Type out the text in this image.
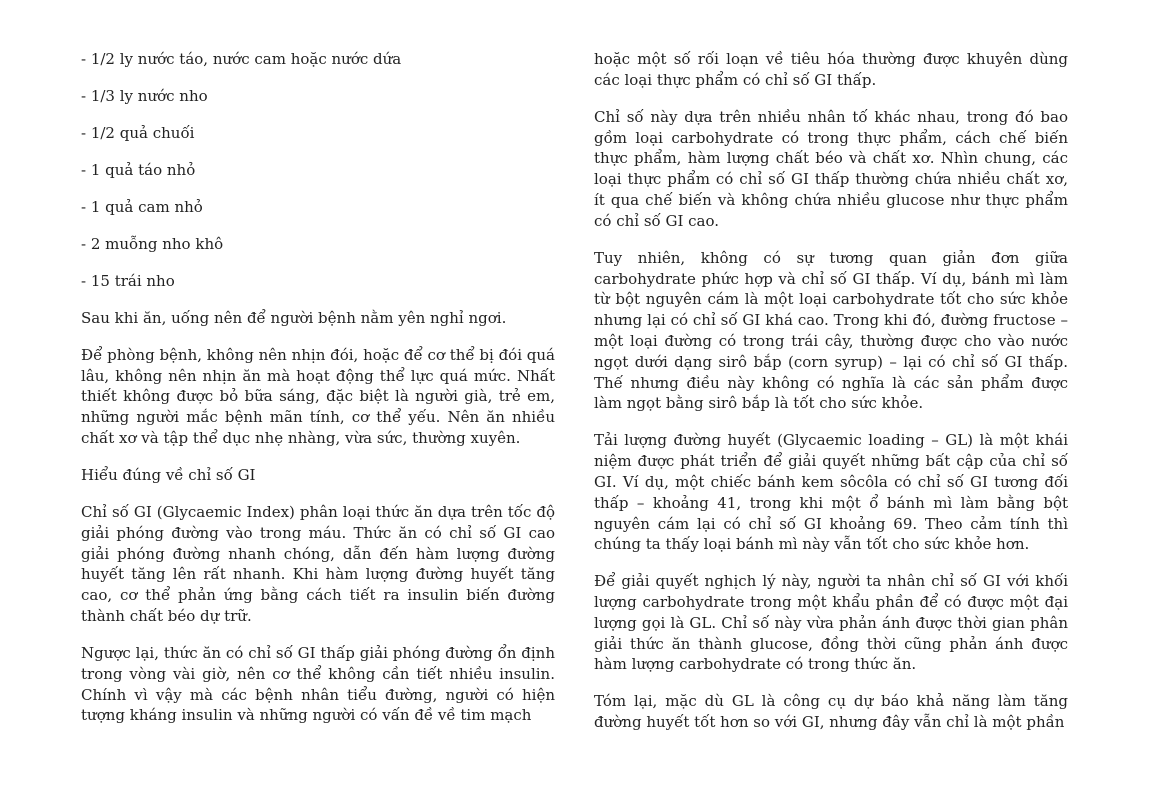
- 1/2 ly nước táo, nước cam hoặc nước dứa

- 1/3 ly nước nho

- 1/2 quả chuối

- 1 quả táo nhỏ

- 1 quả cam nhỏ

- 2 muỗng nho khô

- 15 trái nho

Sau khi ăn, uống nên để người bệnh nằm yên nghỉ ngơi.

Để phòng bệnh, không nên nhịn đói, hoặc để cơ thể bị đói quá lâu, không nên nhịn ăn mà hoạt động thể lực quá mức. Nhất thiết không được bỏ bữa sáng, đặc biệt là người già, trẻ em, những người mắc bệnh mãn tính, cơ thể yếu. Nên ăn nhiều chất xơ và tập thể dục nhẹ nhàng, vừa sức, thường xuyên.

Hiểu đúng về chỉ số GI

Chỉ số GI (Glycaemic Index) phân loại thức ăn dựa trên tốc độ giải phóng đường vào trong máu. Thức ăn có chỉ số GI cao giải phóng đường nhanh chóng, dẫn đến hàm lượng đường huyết tăng lên rất nhanh. Khi hàm lượng đường huyết tăng cao, cơ thể phản ứng bằng cách tiết ra insulin biến đường thành chất béo dự trữ.

Ngược lại, thức ăn có chỉ số GI thấp giải phóng đường ổn định trong vòng vài giờ, nên cơ thể không cần tiết nhiều insulin. Chính vì vậy mà các bệnh nhân tiểu đường, người có hiện tượng kháng insulin và những người có vấn đề về tim mạch

hoặc một số rối loạn về tiêu hóa thường được khuyên dùng các loại thực phẩm có chỉ số GI thấp.

Chỉ số này dựa trên nhiều nhân tố khác nhau, trong đó bao gồm loại carbohydrate có trong thực phẩm, cách chế biến thực phẩm, hàm lượng chất béo và chất xơ. Nhìn chung, các loại thực phẩm có chỉ số GI thấp thường chứa nhiều chất xơ, ít qua chế biến và không chứa nhiều glucose như thực phẩm có chỉ số GI cao.

Tuy nhiên, không có sự tương quan giản đơn giữa carbohydrate phức hợp và chỉ số GI thấp. Ví dụ, bánh mì làm từ bột nguyên cám là một loại carbohydrate tốt cho sức khỏe nhưng lại có chỉ số GI khá cao. Trong khi đó, đường fructose – một loại đường có trong trái cây, thường được cho vào nước ngọt dưới dạng sirô bắp (corn syrup) – lại có chỉ số GI thấp. Thế nhưng điều này không có nghĩa là các sản phẩm được làm ngọt bằng sirô bắp là tốt cho sức khỏe.

Tải lượng đường huyết (Glycaemic loading – GL) là một khái niệm được phát triển để giải quyết những bất cập của chỉ số GI. Ví dụ, một chiếc bánh kem sôcôla có chỉ số GI tương đối thấp – khoảng 41, trong khi một ổ bánh mì làm bằng bột nguyên cám lại có chỉ số GI khoảng 69. Theo cảm tính thì chúng ta thấy loại bánh mì này vẫn tốt cho sức khỏe hơn.

Để giải quyết nghịch lý này, người ta nhân chỉ số GI với khối lượng carbohydrate trong một khẩu phần để có được một đại lượng gọi là GL. Chỉ số này vừa phản ánh được thời gian phân giải thức ăn thành glucose, đồng thời cũng phản ánh được hàm lượng carbohydrate có trong thức ăn.

Tóm lại, mặc dù GL là công cụ dự báo khả năng làm tăng đường huyết tốt hơn so với GI, nhưng đây vẫn chỉ là một phần
